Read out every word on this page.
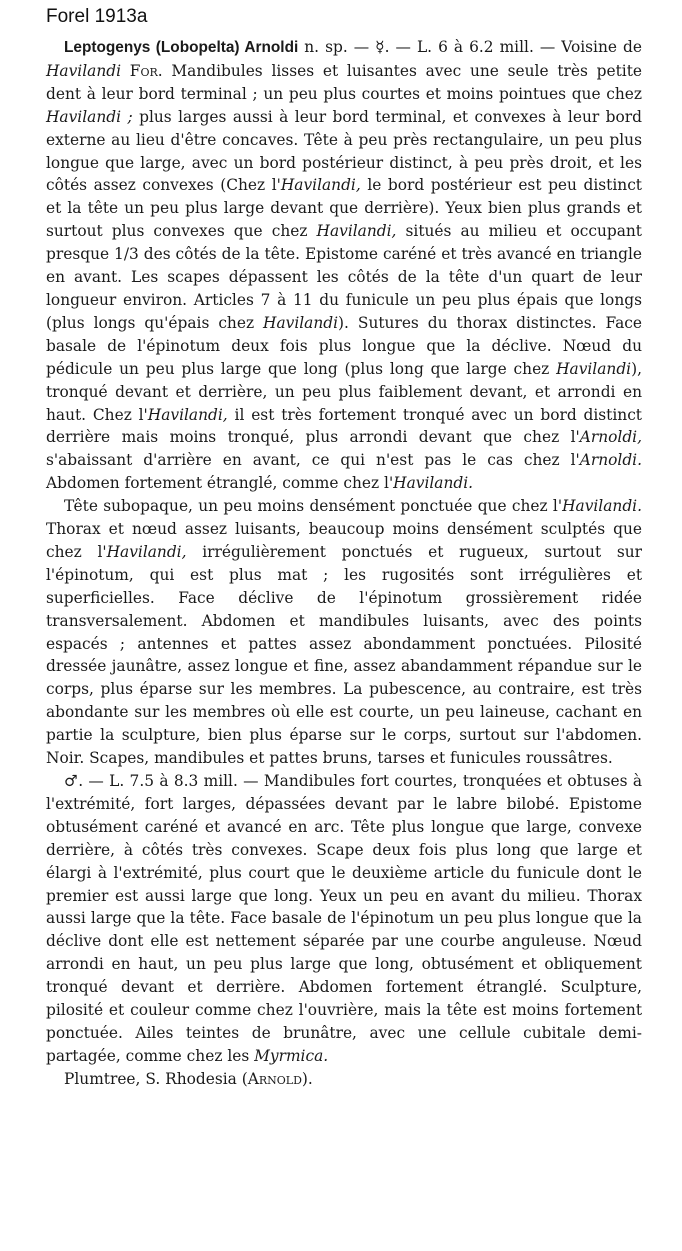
Forel 1913a

Leptogenys (Lobopelta) Arnoldi n. sp. — ☿. — L. 6 à 6.2 mill. — Voisine de Havilandi For. Mandibules lisses et luisantes avec une seule très petite dent à leur bord terminal ; un peu plus courtes et moins pointues que chez Havilandi ; plus larges aussi à leur bord terminal, et convexes à leur bord externe au lieu d'être concaves. Tête à peu près rectangulaire, un peu plus longue que large, avec un bord postérieur distinct, à peu près droit, et les côtés assez convexes (Chez l'Havilandi, le bord postérieur est peu distinct et la tête un peu plus large devant que derrière). Yeux bien plus grands et surtout plus convexes que chez Havilandi, situés au milieu et occupant presque 1/3 des côtés de la tête. Epistome caréné et très avancé en triangle en avant. Les scapes dépassent les côtés de la tête d'un quart de leur longueur environ. Articles 7 à 11 du funicule un peu plus épais que longs (plus longs qu'épais chez Havilandi). Sutures du thorax distinctes. Face basale de l'épinotum deux fois plus longue que la déclive. Nœud du pédicule un peu plus large que long (plus long que large chez Havilandi), tronqué devant et derrière, un peu plus faiblement devant, et arrondi en haut. Chez l'Havilandi, il est très fortement tronqué avec un bord distinct derrière mais moins tronqué, plus arrondi devant que chez l'Arnoldi, s'abaissant d'arrière en avant, ce qui n'est pas le cas chez l'Arnoldi. Abdomen fortement étranglé, comme chez l'Havilandi.

Tête subopaque, un peu moins densément ponctuée que chez l'Havilandi. Thorax et nœud assez luisants, beaucoup moins densément sculptés que chez l'Havilandi, irrégulièrement ponctués et rugueux, surtout sur l'épinotum, qui est plus mat ; les rugosités sont irrégulières et superficielles. Face déclive de l'épinotum grossièrement ridée transversalement. Abdomen et mandibules luisants, avec des points espacés ; antennes et pattes assez abondamment ponctuées. Pilosité dressée jaunâtre, assez longue et fine, assez abandamment répandue sur le corps, plus éparse sur les membres. La pubescence, au contraire, est très abondante sur les membres où elle est courte, un peu laineuse, cachant en partie la sculpture, bien plus éparse sur le corps, surtout sur l'abdomen. Noir. Scapes, mandibules et pattes bruns, tarses et funicules roussâtres.

♂. — L. 7.5 à 8.3 mill. — Mandibules fort courtes, tronquées et obtuses à l'extrémité, fort larges, dépassées devant par le labre bilobé. Epistome obtusément caréné et avancé en arc. Tête plus longue que large, convexe derrière, à côtés très convexes. Scape deux fois plus long que large et élargi à l'extrémité, plus court que le deuxième article du funicule dont le premier est aussi large que long. Yeux un peu en avant du milieu. Thorax aussi large que la tête. Face basale de l'épinotum un peu plus longue que la déclive dont elle est nettement séparée par une courbe anguleuse. Nœud arrondi en haut, un peu plus large que long, obtusément et obliquement tronqué devant et derrière. Abdomen fortement étranglé. Sculpture, pilosité et couleur comme chez l'ouvrière, mais la tête est moins fortement ponctuée. Ailes teintes de brunâtre, avec une cellule cubitale demi-partagée, comme chez les Myrmica.

Plumtree, S. Rhodesia (Arnold).
